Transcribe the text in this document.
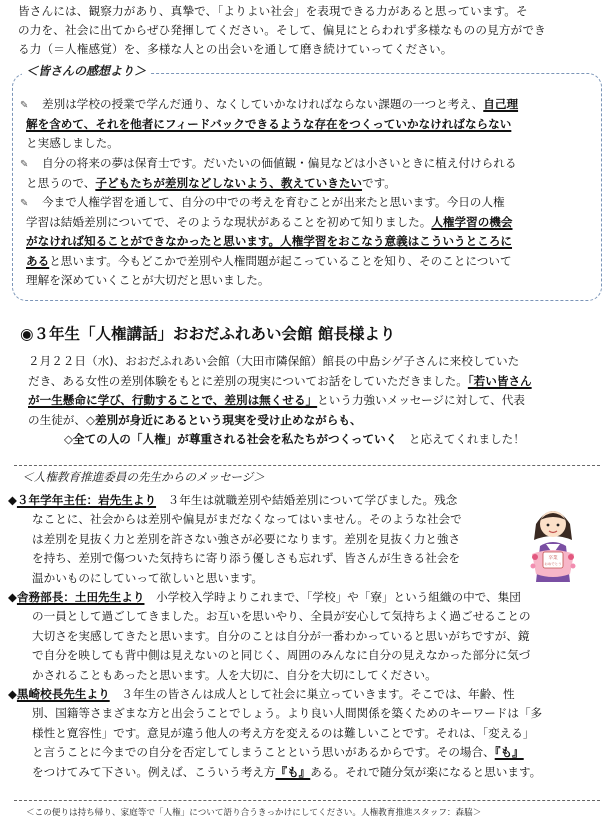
皆さんには、観察力があり、真摯で、「よりよい社会」を表現できる力があると思っています。そ
の力を、社会に出てからぜひ発揮してください。そして、偏見にとらわれず多様なものの見方ができ
る力（＝人権感覚）を、多様な人との出会いを通して磨き続けていってください。
＜皆さんの感想より＞
✎ 差別は学校の授業で学んだ通り、なくしていかなければならない課題の一つと考え、自己理
解を含めて、それを他者にフィードバックできるような存在をつくっていかなければならない
と実感しました。
✎ 自分の将来の夢は保育士です。だいたいの価値観・偏見などは小さいときに植え付けられる
と思うので、子どもたちが差別などしないよう、教えていきたいです。
✎ 今まで人権学習を通して、自分の中での考えを育むことが出来たと思います。今日の人権
学習は結婚差別についてで、そのような現状があることを初めて知りました。人権学習の機会
がなければ知ることができなかったと思います。人権学習をおこなう意義はこういうところに
あると思います。今もどこかで差別や人権問題が起こっていることを知り、そのことについて
理解を深めていくことが大切だと思いました。
◉３年生「人権講話」おおだふれあい会館 館長様より
２月２２日（水)、おおだふれあい会館（大田市隣保館）館長の中島シゲ子さんに来校していた
だき、ある女性の差別体験をもとに差別の現実についてお話をしていただきました。「若い皆さん
が一生懸命に学び、行動することで、差別は無くせる」という力強いメッセージに対して、代表
の生徒が、◇差別が身近にあるという現実を受け止めながらも、
◇全ての人の「人権」が尊重される社会を私たちがつくっていく　と応えてくれました！
＜人権教育推進委員の先生からのメッセージ＞
◆３年学年主任：岩先生より　３年生は就職差別や結婚差別について学びました。残念
なことに、社会からは差別や偏見がまだなくなってはいません。そのような社会で
は差別を見抜く力と差別を許さない強さが必要になります。差別を見抜く力と強さ
を持ち、差別で傷ついた気持ちに寄り添う優しさも忘れず、皆さんが生きる社会を
温かいものにしていって欲しいと思います。
◆舎務部長：土田先生より　小学校入学時よりこれまで、「学校」や「寮」という組織の中で、集団
の一員として過ごしてきました。お互いを思いやり、全員が安心して気持ちよく過ごせることの
大切さを実感してきたと思います。自分のことは自分が一番わかっていると思いがちですが、鏡
で自分を映しても背中側は見えないのと同じく、周囲のみんなに自分の見えなかった部分に気づ
かされることもあったと思います。人を大切に、自分を大切にしてください。
◆黒崎校長先生より　３年生の皆さんは成人として社会に巣立っていきます。そこでは、年齢、性
別、国籍等さまざまな方と出会うことでしょう。より良い人間関係を築くためのキーワードは「多
様性と寛容性」です。意見が違う他人の考え方を変えるのは難しいことです。それは、「変える」
と言うことに今までの自分を否定してしまうことという思いがあるからです。その場合、『も』
をつけてみて下さい。例えば、こういう考え方『も』ある。それで随分気が楽になると思います。
卒業
おめでとう
＜この便りは持ち帰り、家庭等で「人権」について語り合うきっかけにしてください。人権教育推進スタッフ：森脇＞
